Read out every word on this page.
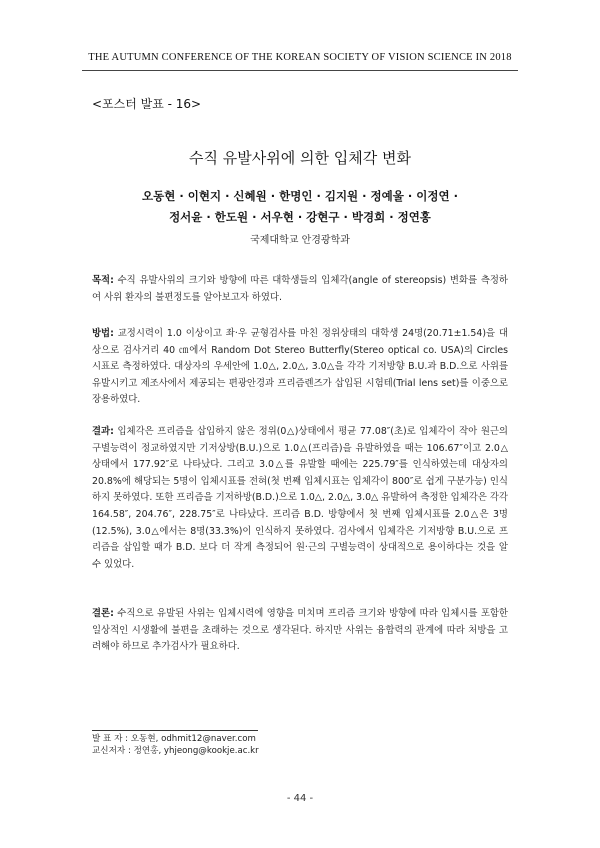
THE AUTUMN CONFERENCE OF THE KOREAN SOCIETY OF VISION SCIENCE IN 2018
<포스터 발표 - 16>
수직 유발사위에 의한 입체각 변화
오동현 · 이현지 · 신혜원 · 한명인 · 김지원 · 정예울 · 이정연 ·
정서윤 · 한도원 · 서우현 · 강현구 · 박경희 · 정연홍
국제대학교 안경광학과
목적: 수직 유발사위의 크기와 방향에 따른 대학생들의 입체각(angle of stereopsis) 변화를 측정하여 사위 환자의 불편정도를 알아보고자 하였다.
방법: 교정시력이 1.0 이상이고 좌·우 균형검사를 마친 정위상태의 대학생 24명(20.71±1.54)을 대상으로 검사거리 40 ㎝에서 Random Dot Stereo Butterfly(Stereo optical co. USA)의 Circles 시표로 측정하였다. 대상자의 우세안에 1.0△, 2.0△, 3.0△을 각각 기저방향 B.U.과 B.D.으로 사위를 유발시키고 제조사에서 제공되는 편광안경과 프리즘렌즈가 삽입된 시험테(Trial lens set)를 이중으로 장용하였다.
결과: 입체각은 프리즘을 삽입하지 않은 정위(0△)상태에서 평균 77.08″(초)로 입체각이 작아 원근의 구별능력이 정교하였지만 기저상방(B.U.)으로 1.0△(프리즘)을 유발하였을 때는 106.67″이고 2.0△ 상태에서 177.92″로 나타났다. 그리고 3.0△를 유발할 때에는 225.79″를 인식하였는데 대상자의 20.8%에 해당되는 5명이 입체시표를 전혀(첫 번째 입체시표는 입체각이 800″로 쉽게 구분가능) 인식하지 못하였다. 또한 프리즘을 기저하방(B.D.)으로 1.0△, 2.0△, 3.0△ 유발하여 측정한 입체각은 각각 164.58″, 204.76″, 228.75″로 나타났다. 프리즘 B.D. 방향에서 첫 번째 입체시표를 2.0△은 3명(12.5%), 3.0△에서는 8명(33.3%)이 인식하지 못하였다. 검사에서 입체각은 기저방향 B.U.으로 프리즘을 삽입할 때가 B.D. 보다 더 작게 측정되어 원·근의 구별능력이 상대적으로 용이하다는 것을 알 수 있었다.
결론: 수직으로 유발된 사위는 입체시력에 영향을 미치며 프리즘 크기와 방향에 따라 입체시를 포함한 일상적인 시생활에 불편을 초래하는 것으로 생각된다. 하지만 사위는 융합력의 관계에 따라 처방을 고려해야 하므로 추가검사가 필요하다.
발 표 자 : 오동현, odhmit12@naver.com
교신저자 : 정연홍, yhjeong@kookje.ac.kr
- 44 -
